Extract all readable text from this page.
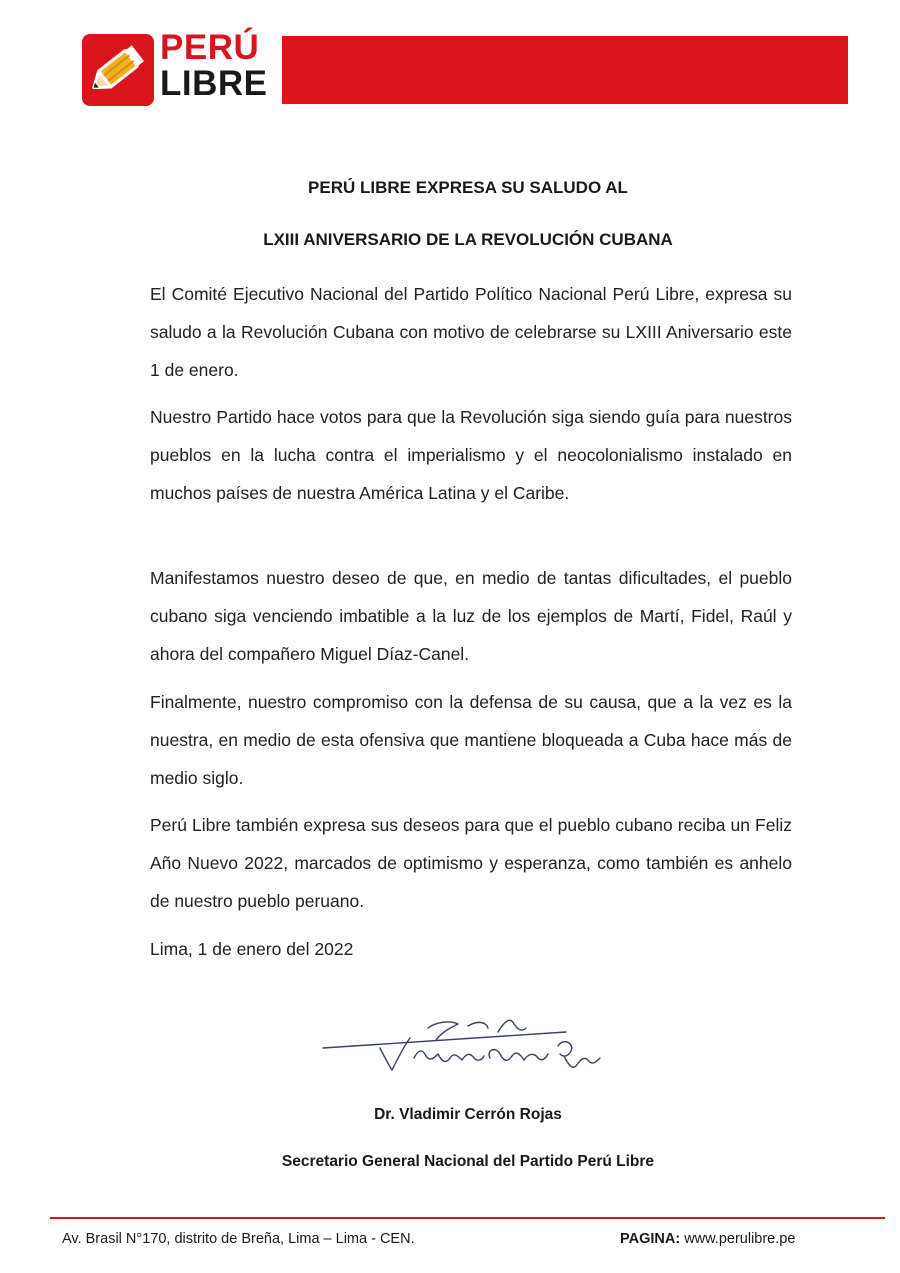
PERÚ
LIBRE
PERÚ LIBRE EXPRESA SU SALUDO AL
LXIII ANIVERSARIO DE LA REVOLUCIÓN CUBANA
El Comité Ejecutivo Nacional del Partido Político Nacional Perú Libre, expresa su saludo a la Revolución Cubana con motivo de celebrarse su LXIII Aniversario este 1 de enero.
Nuestro Partido hace votos para que la Revolución siga siendo guía para nuestros pueblos en la lucha contra el imperialismo y el neocolonialismo instalado en muchos países de nuestra América Latina y el Caribe.
Manifestamos nuestro deseo de que, en medio de tantas dificultades, el pueblo cubano siga venciendo imbatible a la luz de los ejemplos de Martí, Fidel, Raúl y ahora del compañero Miguel Díaz-Canel.
Finalmente, nuestro compromiso con la defensa de su causa, que a la vez es la nuestra, en medio de esta ofensiva que mantiene bloqueada a Cuba hace más de medio siglo.
Perú Libre también expresa sus deseos para que el pueblo cubano reciba un Feliz Año Nuevo 2022, marcados de optimismo y esperanza, como también es anhelo de nuestro pueblo peruano.
Lima, 1 de enero del 2022
Dr. Vladimir Cerrón Rojas
Secretario General Nacional del Partido Perú Libre
Av. Brasil N°170, distrito de Breña, Lima – Lima - CEN.	PAGINA: www.perulibre.pe
